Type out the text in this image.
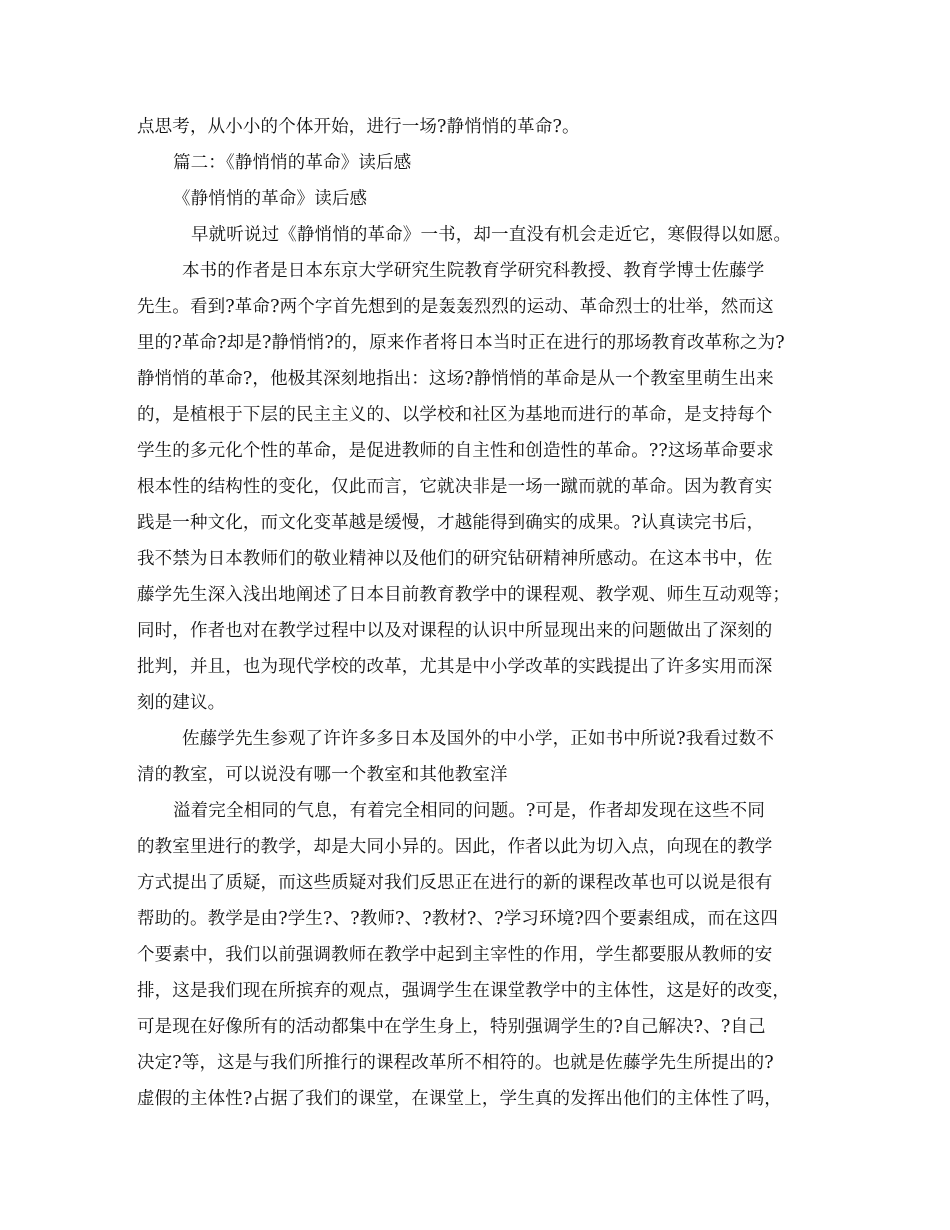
点思考，从小小的个体开始，进行一场?静悄悄的革命?。
篇二：《静悄悄的革命》读后感
《静悄悄的革命》读后感
早就听说过《静悄悄的革命》一书，却一直没有机会走近它，寒假得以如愿。
本书的作者是日本东京大学研究生院教育学研究科教授、教育学博士佐藤学
先生。看到?革命?两个字首先想到的是轰轰烈烈的运动、革命烈士的壮举，然而这
里的?革命?却是?静悄悄?的，原来作者将日本当时正在进行的那场教育改革称之为?
静悄悄的革命?，他极其深刻地指出：这场?静悄悄的革命是从一个教室里萌生出来
的，是植根于下层的民主主义的、以学校和社区为基地而进行的革命，是支持每个
学生的多元化个性的革命，是促进教师的自主性和创造性的革命。??这场革命要求
根本性的结构性的变化，仅此而言，它就决非是一场一蹴而就的革命。因为教育实
践是一种文化，而文化变革越是缓慢，才越能得到确实的成果。?认真读完书后，
我不禁为日本教师们的敬业精神以及他们的研究钻研精神所感动。在这本书中，佐
藤学先生深入浅出地阐述了日本目前教育教学中的课程观、教学观、师生互动观等；
同时，作者也对在教学过程中以及对课程的认识中所显现出来的问题做出了深刻的
批判，并且，也为现代学校的改革，尤其是中小学改革的实践提出了许多实用而深
刻的建议。
佐藤学先生参观了许许多多日本及国外的中小学，正如书中所说?我看过数不
清的教室，可以说没有哪一个教室和其他教室洋
溢着完全相同的气息，有着完全相同的问题。?可是，作者却发现在这些不同
的教室里进行的教学，却是大同小异的。因此，作者以此为切入点，向现在的教学
方式提出了质疑，而这些质疑对我们反思正在进行的新的课程改革也可以说是很有
帮助的。教学是由?学生?、?教师?、?教材?、?学习环境?四个要素组成，而在这四
个要素中，我们以前强调教师在教学中起到主宰性的作用，学生都要服从教师的安
排，这是我们现在所摈弃的观点，强调学生在课堂教学中的主体性，这是好的改变，
可是现在好像所有的活动都集中在学生身上，特别强调学生的?自己解决?、?自己
决定?等，这是与我们所推行的课程改革所不相符的。也就是佐藤学先生所提出的?
虚假的主体性?占据了我们的课堂，在课堂上，学生真的发挥出他们的主体性了吗，
